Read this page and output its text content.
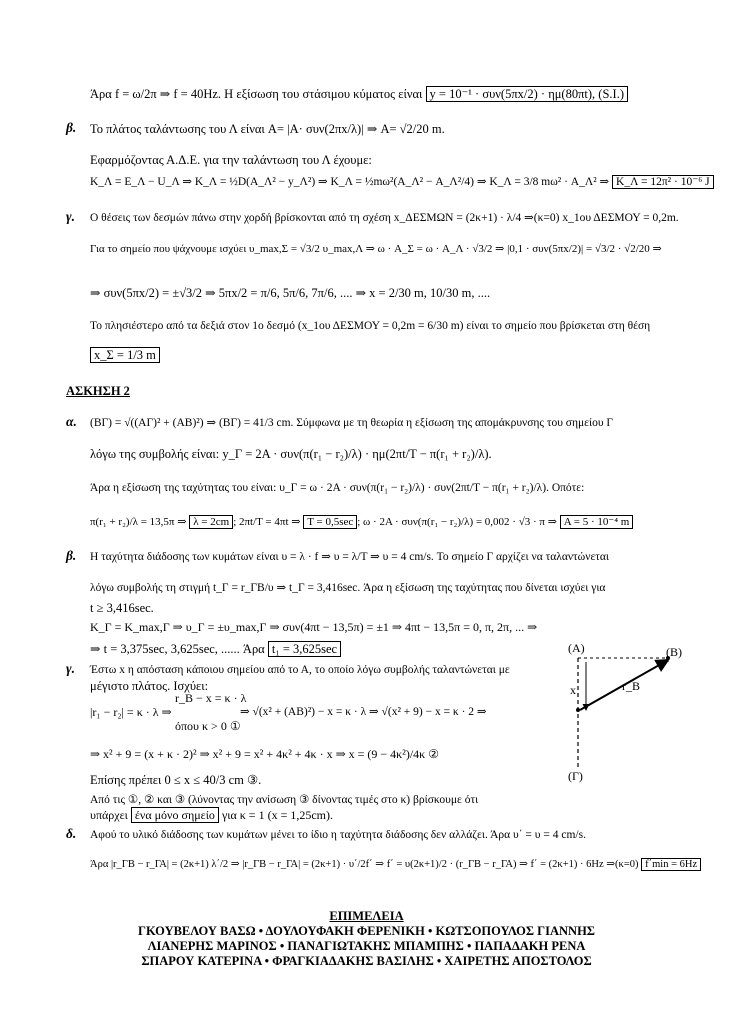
Άρα f = ω/2π ⇒ f = 40Hz. Η εξίσωση του στάσιμου κύματος είναι y = 10⁻¹ · συν(5πx/2) · ημ(80πt), (S.I.)
β. Το πλάτος ταλάντωσης του Λ είναι A= |A· συν(2πx/λ)| ⇒ A= √2/20 m.
Εφαρμόζοντας Α.Δ.Ε. για την ταλάντωση του Λ έχουμε:
K_Λ = E_Λ − U_Λ ⇒ K_Λ = ½D(A_Λ² − y_Λ²) ⇒ K_Λ = ½mω²(A_Λ² − A_Λ²/4) ⇒ K_Λ = 3/8 mω² · A_Λ² ⇒ K_Λ = 12π² · 10⁻⁶ J
γ. Ο θέσεις των δεσμών πάνω στην χορδή βρίσκονται από τη σχέση x_ΔΕΣΜΩΝ = (2κ+1) · λ/4 ⇒(κ=0) x_1ου ΔΕΣΜΟΥ = 0,2m.
Για το σημείο που ψάχνουμε ισχύει υ_max,Σ = √3/2 υ_max,Λ ⇒ ω · A_Σ = ω · A_Λ · √3/2 ⇒ |0,1 · συν(5πx/2)| = √3/2 · √2/20 ⇒
⇒ συν(5πx/2) = ±√3/2 ⇒ 5πx/2 = π/6, 5π/6, 7π/6, .... ⇒ x = 2/30 m, 10/30 m, ....
Το πλησιέστερο από τα δεξιά στον 1ο δεσμό (x_1ου ΔΕΣΜΟΥ = 0,2m = 6/30 m) είναι το σημείο που βρίσκεται στη θέση
x_Σ = 1/3 m
ΑΣΚΗΣΗ 2
α. (ΒΓ) = √((ΑΓ)² + (ΑΒ)²) ⇒ (ΒΓ) = 41/3 cm. Σύμφωνα με τη θεωρία η εξίσωση της απομάκρυνσης του σημείου Γ
λόγω της συμβολής είναι: y_Γ = 2A · συν(π(r₁ − r₂)/λ) · ημ(2πt/T − π(r₁ + r₂)/λ).
Άρα η εξίσωση της ταχύτητας του είναι: υ_Γ = ω · 2A · συν(π(r₁ − r₂)/λ) · συν(2πt/T − π(r₁ + r₂)/λ). Οπότε:
π(r₁ + r₂)/λ = 13,5π ⇒ λ = 2cm ; 2πt/T = 4πt ⇒ T = 0,5sec ; ω · 2A · συν(π(r₁ − r₂)/λ) = 0,002 · √3 · π ⇒ A = 5 · 10⁻⁴ m
β. Η ταχύτητα διάδοσης των κυμάτων είναι υ = λ · f ⇒ υ = λ/T ⇒ υ = 4 cm/s. Το σημείο Γ αρχίζει να ταλαντώνεται
λόγω συμβολής τη στιγμή t_Γ = r_ΓΒ/υ ⇒ t_Γ = 3,416sec. Άρα η εξίσωση της ταχύτητας που δίνεται ισχύει για
t ≥ 3,416sec.
K_Γ = K_max,Γ ⇒ υ_Γ = ±υ_max,Γ ⇒ συν(4πt − 13,5π) = ±1 ⇒ 4πt − 13,5π = 0, π, 2π, ... ⇒
⇒ t = 3,375sec, 3,625sec, ...... Άρα t₁ = 3,625sec
γ. Έστω x η απόσταση κάποιου σημείου από το Α, το οποίο λόγω συμβολής ταλαντώνεται με
μέγιστο πλάτος. Ισχύει:
r_B − x = κ · λ
|r₁ − r₂| = κ · λ ⇒	⇒ √(x² + (AB)²) − x = κ · λ ⇒ √(x² + 9) − x = κ · 2 ⇒
όπου κ > 0 ①
⇒ x² + 9 = (x + κ · 2)² ⇒ x² + 9 = x² + 4κ² + 4κ · x ⇒ x = (9 − 4κ²)/4κ ②
Επίσης πρέπει 0 ≤ x ≤ 40/3 cm ③.
Από τις ①, ② και ③ (λύνοντας την ανίσωση ③ δίνοντας τιμές στο κ) βρίσκουμε ότι
υπάρχει ένα μόνο σημείο για κ = 1 (x = 1,25cm).
δ. Αφού το υλικό διάδοσης των κυμάτων μένει το ίδιο η ταχύτητα διάδοσης δεν αλλάζει. Άρα υ΄ = υ = 4 cm/s.
Άρα |r_ΓΒ − r_ΓΑ| = (2κ+1) λ΄/2 ⇒ |r_ΓΒ − r_ΓΑ| = (2κ+1) · υ΄/2f΄ ⇒ f΄ = υ(2κ+1)/2 · (r_ΓΒ − r_ΓΑ) ⇒ f΄ = (2κ+1) · 6Hz ⇒(κ=0) f΄min = 6Hz
(A)	(B)
x	r_B
(Γ)
ΕΠΙΜΕΛΕΙΑ
ΓΚΟΥΒΕΛΟΥ ΒΑΣΩ • ΔΟΥΛΟΥΦΑΚΗ ΦΕΡΕΝΙΚΗ • ΚΩΤΣΟΠΟΥΛΟΣ ΓΙΑΝΝΗΣ
ΛΙΑΝΕΡΗΣ ΜΑΡΙΝΟΣ • ΠΑΝΑΓΙΩΤΑΚΗΣ ΜΠΑΜΠΗΣ • ΠΑΠΑΔΑΚΗ ΡΕΝΑ
ΣΠΑΡΟΥ ΚΑΤΕΡΙΝΑ • ΦΡΑΓΚΙΑΔΑΚΗΣ ΒΑΣΙΛΗΣ • ΧΑΙΡΕΤΗΣ ΑΠΟΣΤΟΛΟΣ
